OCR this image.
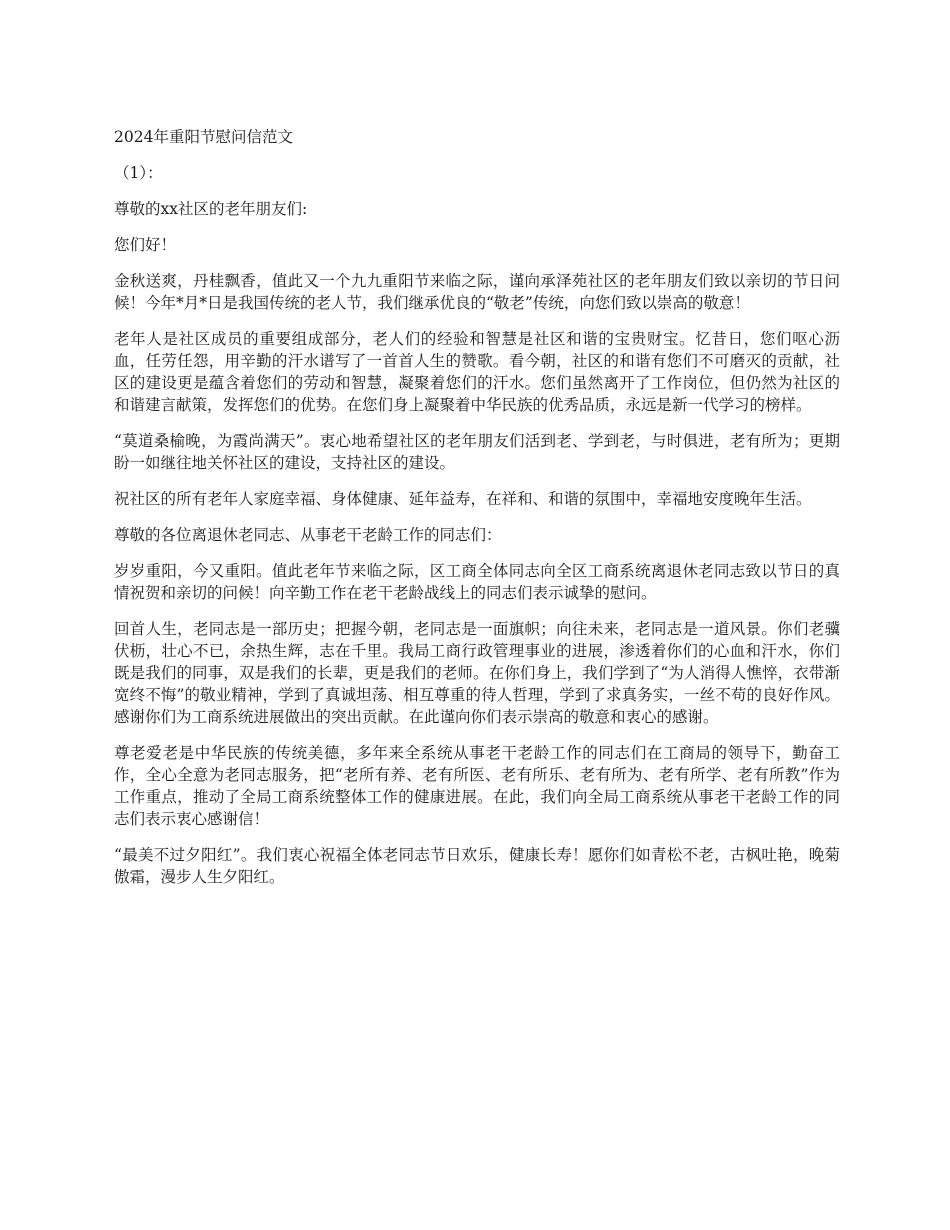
2024年重阳节慰问信范文

（1）：

尊敬的xx社区的老年朋友们:

您们好！

金秋送爽，丹桂飘香，值此又一个九九重阳节来临之际，谨向承泽苑社区的老年朋友们致以亲切的节日问候！今年*月*日是我国传统的老人节，我们继承优良的“敬老”传统，向您们致以崇高的敬意！

老年人是社区成员的重要组成部分，老人们的经验和智慧是社区和谐的宝贵财宝。忆昔日，您们呕心沥血，任劳任怨，用辛勤的汗水谱写了一首首人生的赞歌。看今朝，社区的和谐有您们不可磨灭的贡献，社区的建设更是蕴含着您们的劳动和智慧，凝聚着您们的汗水。您们虽然离开了工作岗位，但仍然为社区的和谐建言献策，发挥您们的优势。在您们身上凝聚着中华民族的优秀品质，永远是新一代学习的榜样。

“莫道桑榆晚，为霞尚满天”。衷心地希望社区的老年朋友们活到老、学到老，与时俱进，老有所为；更期盼一如继往地关怀社区的建设，支持社区的建设。

祝社区的所有老年人家庭幸福、身体健康、延年益寿，在祥和、和谐的氛围中，幸福地安度晚年生活。

尊敬的各位离退休老同志、从事老干老龄工作的同志们：

岁岁重阳，今又重阳。值此老年节来临之际，区工商全体同志向全区工商系统离退休老同志致以节日的真情祝贺和亲切的问候！向辛勤工作在老干老龄战线上的同志们表示诚挚的慰问。

回首人生，老同志是一部历史；把握今朝，老同志是一面旗帜；向往未来，老同志是一道风景。你们老骥伏枥，壮心不已，余热生辉，志在千里。我局工商行政管理事业的进展，渗透着你们的心血和汗水，你们既是我们的同事，双是我们的长辈，更是我们的老师。在你们身上，我们学到了“为人消得人憔悴，衣带渐宽终不悔”的敬业精神，学到了真诚坦荡、相互尊重的待人哲理，学到了求真务实，一丝不苟的良好作风。感谢你们为工商系统进展做出的突出贡献。在此谨向你们表示崇高的敬意和衷心的感谢。

尊老爱老是中华民族的传统美德，多年来全系统从事老干老龄工作的同志们在工商局的领导下，勤奋工作，全心全意为老同志服务，把“老所有养、老有所医、老有所乐、老有所为、老有所学、老有所教”作为工作重点，推动了全局工商系统整体工作的健康进展。在此，我们向全局工商系统从事老干老龄工作的同志们表示衷心感谢信！

“最美不过夕阳红”。我们衷心祝福全体老同志节日欢乐，健康长寿！愿你们如青松不老，古枫吐艳，晚菊傲霜，漫步人生夕阳红。
